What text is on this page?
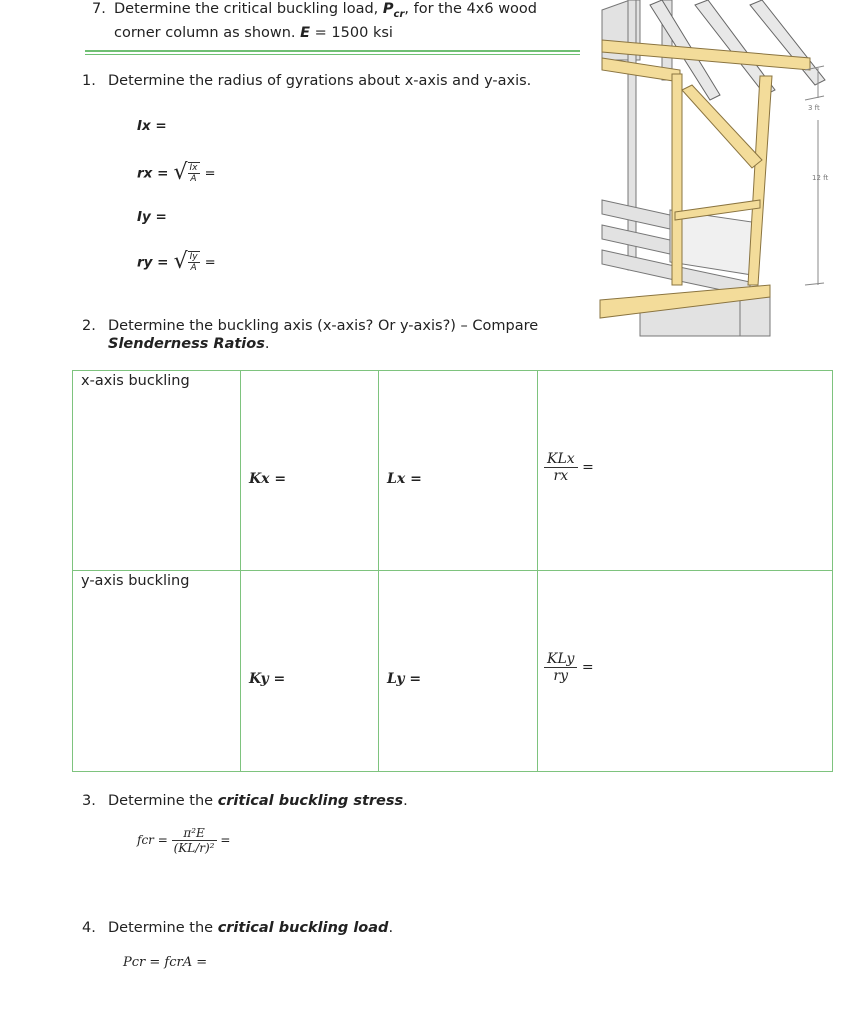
7. Determine the critical buckling load, $P_{cr}$, for the 4x6 wood
corner column as shown. E = 1500 ksi
1. Determine the radius of gyrations about x-axis and y-axis.
Ix =
rx = √ $\frac{Ix}{A}$ =
Iy =
ry = √ $\frac{Iy}{A}$ =
2. Determine the buckling axis (x-axis? Or y-axis?) – Compare
Slenderness Ratios.
3 ft
12 ft
x-axis buckling	Kx =	Lx =	$\frac{\text{KLx}}{rx}$ =

y-axis buckling	Ky =	Ly =	$\frac{\text{KLy}}{ry}$ =
3. Determine the critical buckling stress.
fcr = $\frac{\text{π²E}}{\text{(KL/r)²}}$ =
4. Determine the critical buckling load.
Pcr = fcrA =
